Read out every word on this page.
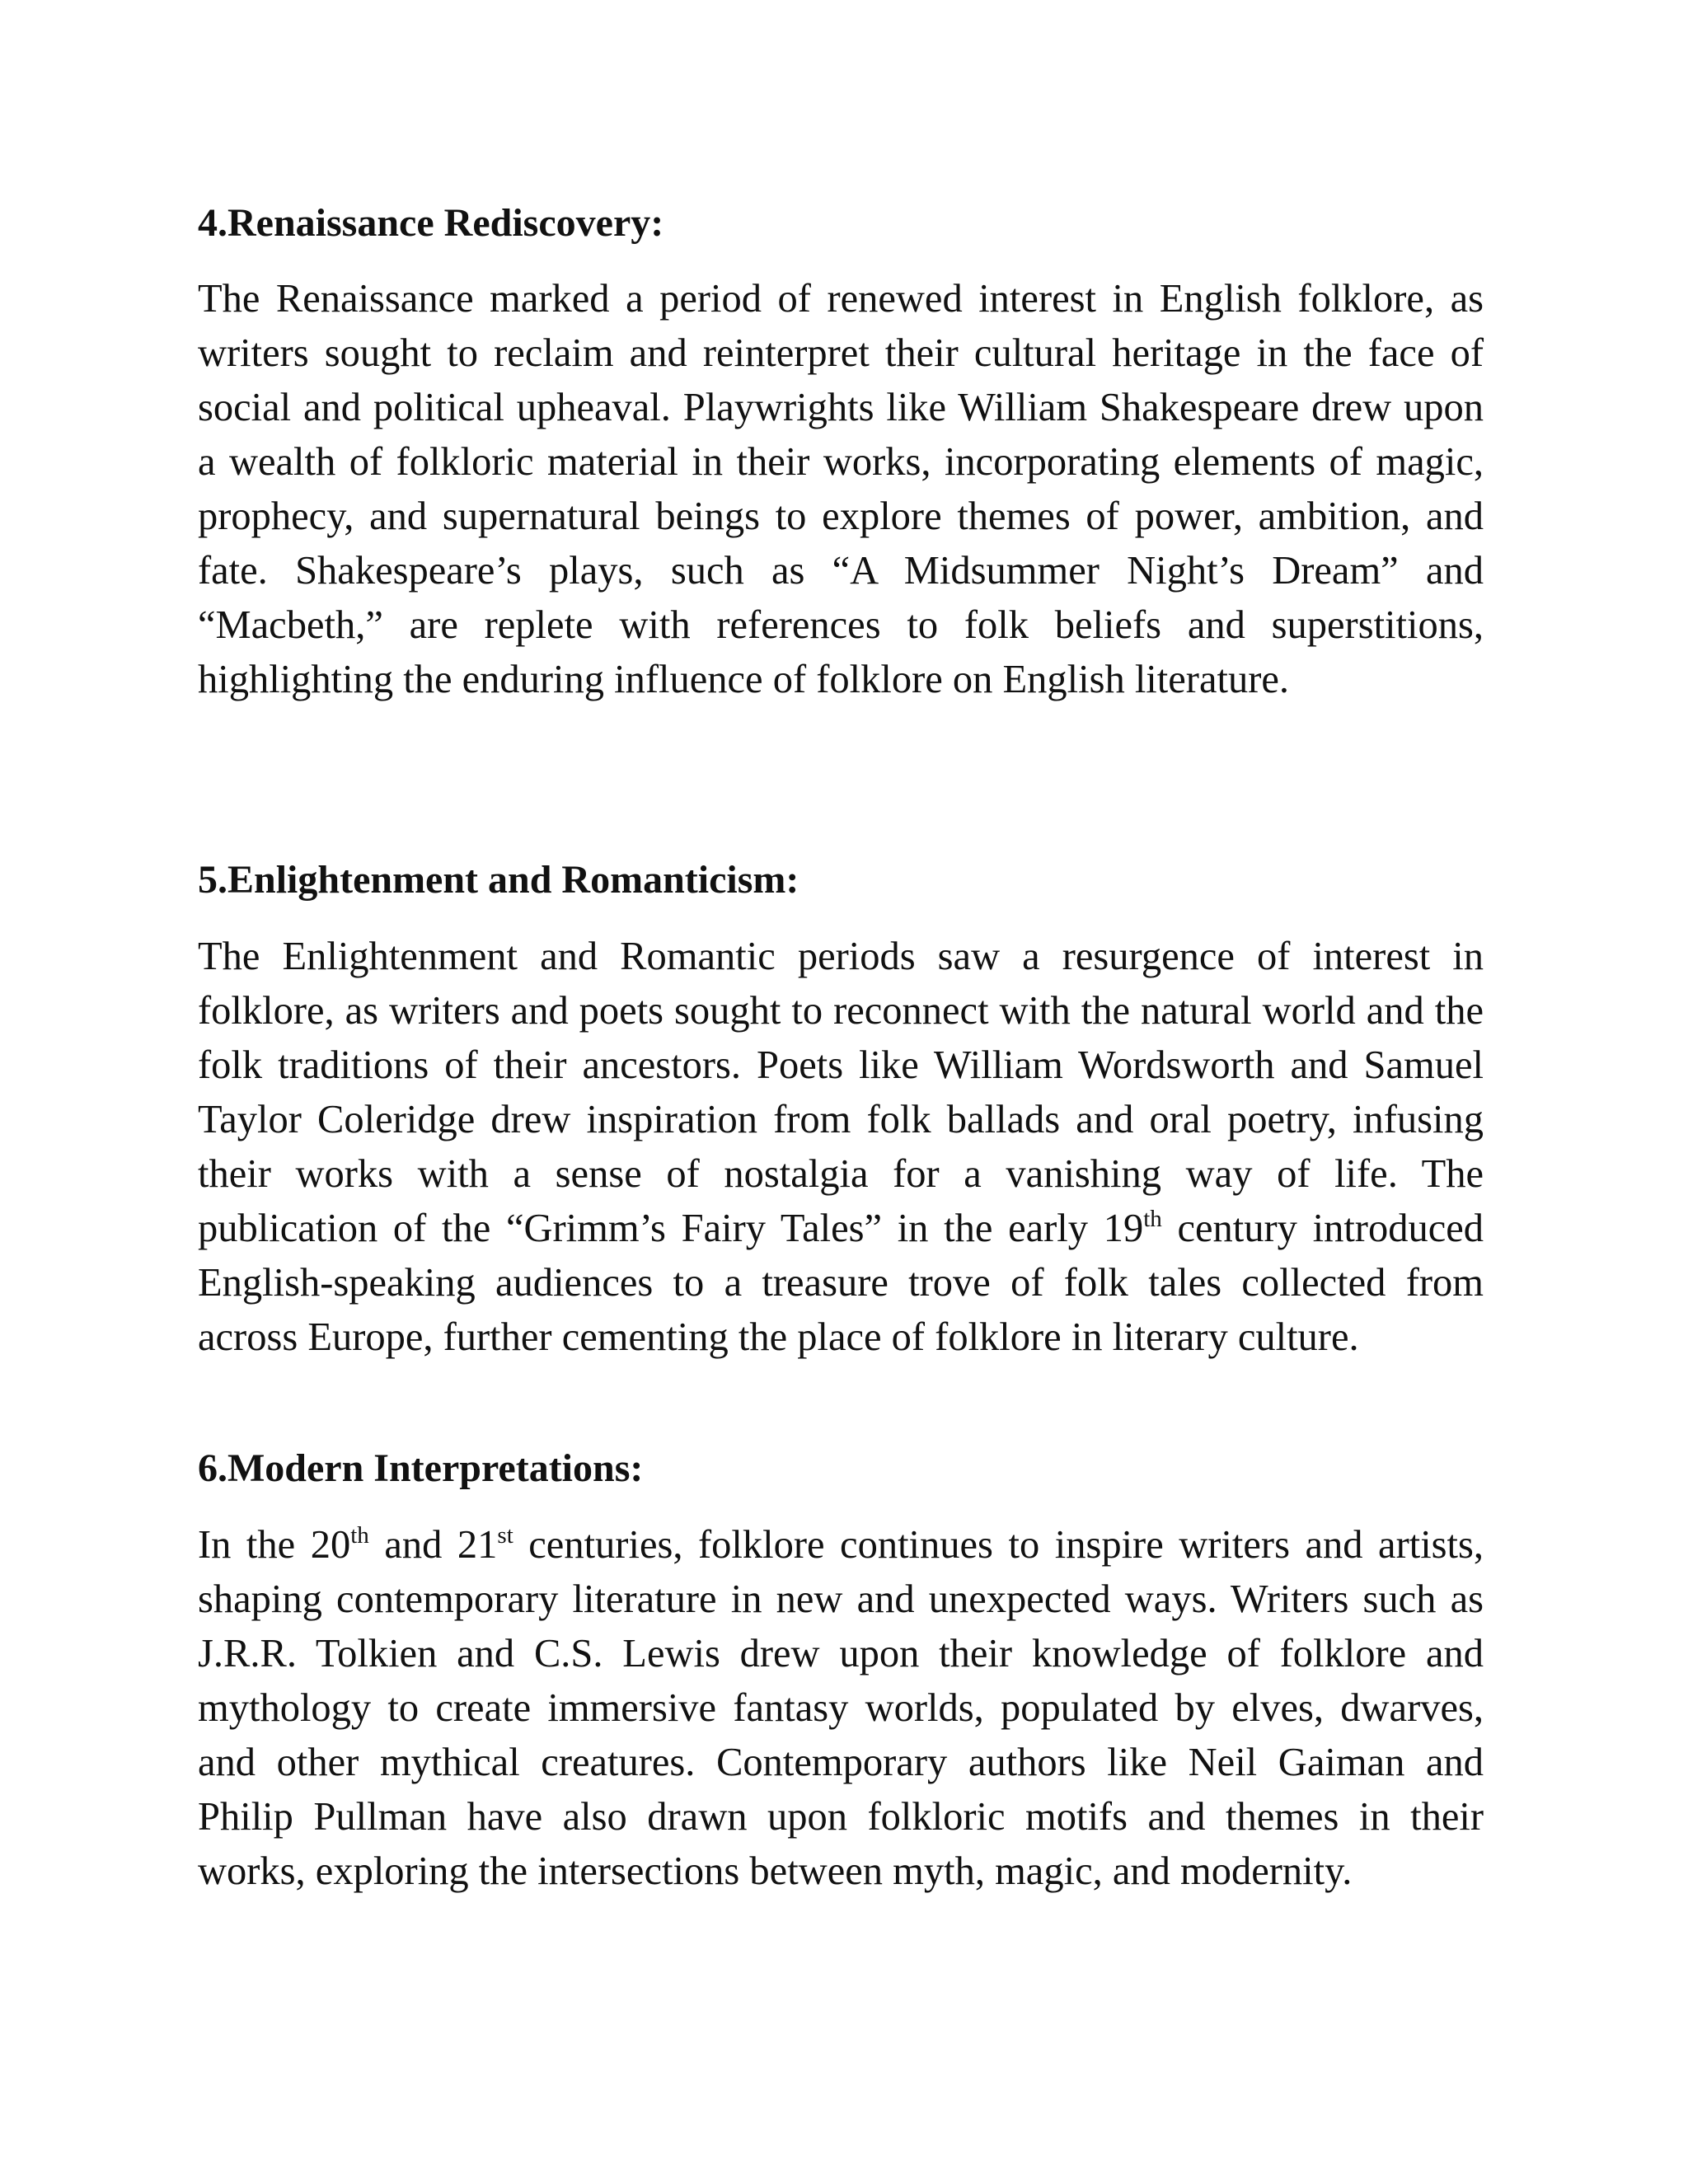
4.Renaissance Rediscovery:

The Renaissance marked a period of renewed interest in English folklore, as writers sought to reclaim and reinterpret their cultural heritage in the face of social and political upheaval. Playwrights like William Shakespeare drew upon a wealth of folkloric material in their works, incorporating elements of magic, prophecy, and supernatural beings to explore themes of power, ambition, and fate. Shakespeare’s plays, such as “A Midsummer Night’s Dream” and “Macbeth,” are replete with references to folk beliefs and superstitions, highlighting the enduring influence of folklore on English literature.

5.Enlightenment and Romanticism:

The Enlightenment and Romantic periods saw a resurgence of interest in folklore, as writers and poets sought to reconnect with the natural world and the folk traditions of their ancestors. Poets like William Wordsworth and Samuel Taylor Coleridge drew inspiration from folk ballads and oral poetry, infusing their works with a sense of nostalgia for a vanishing way of life. The publication of the “Grimm’s Fairy Tales” in the early 19th century introduced English-speaking audiences to a treasure trove of folk tales collected from across Europe, further cementing the place of folklore in literary culture.

6.Modern Interpretations:

In the 20th and 21st centuries, folklore continues to inspire writers and artists, shaping contemporary literature in new and unexpected ways. Writers such as J.R.R. Tolkien and C.S. Lewis drew upon their knowledge of folklore and mythology to create immersive fantasy worlds, populated by elves, dwarves, and other mythical creatures. Contemporary authors like Neil Gaiman and Philip Pullman have also drawn upon folkloric motifs and themes in their works, exploring the intersections between myth, magic, and modernity.
